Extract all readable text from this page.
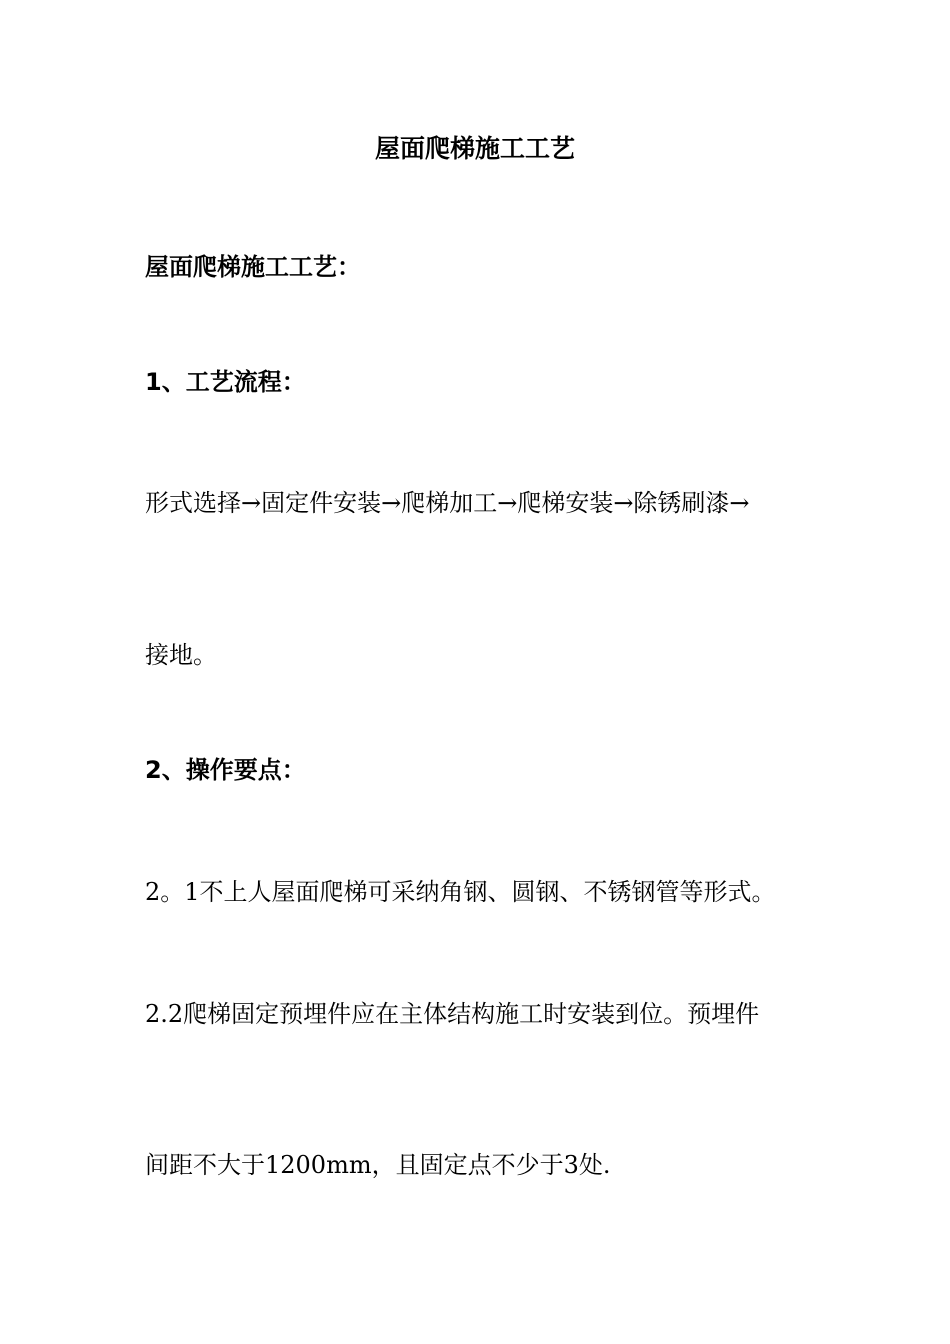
屋面爬梯施工工艺
屋面爬梯施工工艺：
1、工艺流程：
形式选择→固定件安装→爬梯加工→爬梯安装→除锈刷漆→
接地。
2、操作要点：
2。1不上人屋面爬梯可采纳角钢、圆钢、不锈钢管等形式。
2.2爬梯固定预埋件应在主体结构施工时安装到位。预埋件
间距不大于1200mm，且固定点不少于3处.
